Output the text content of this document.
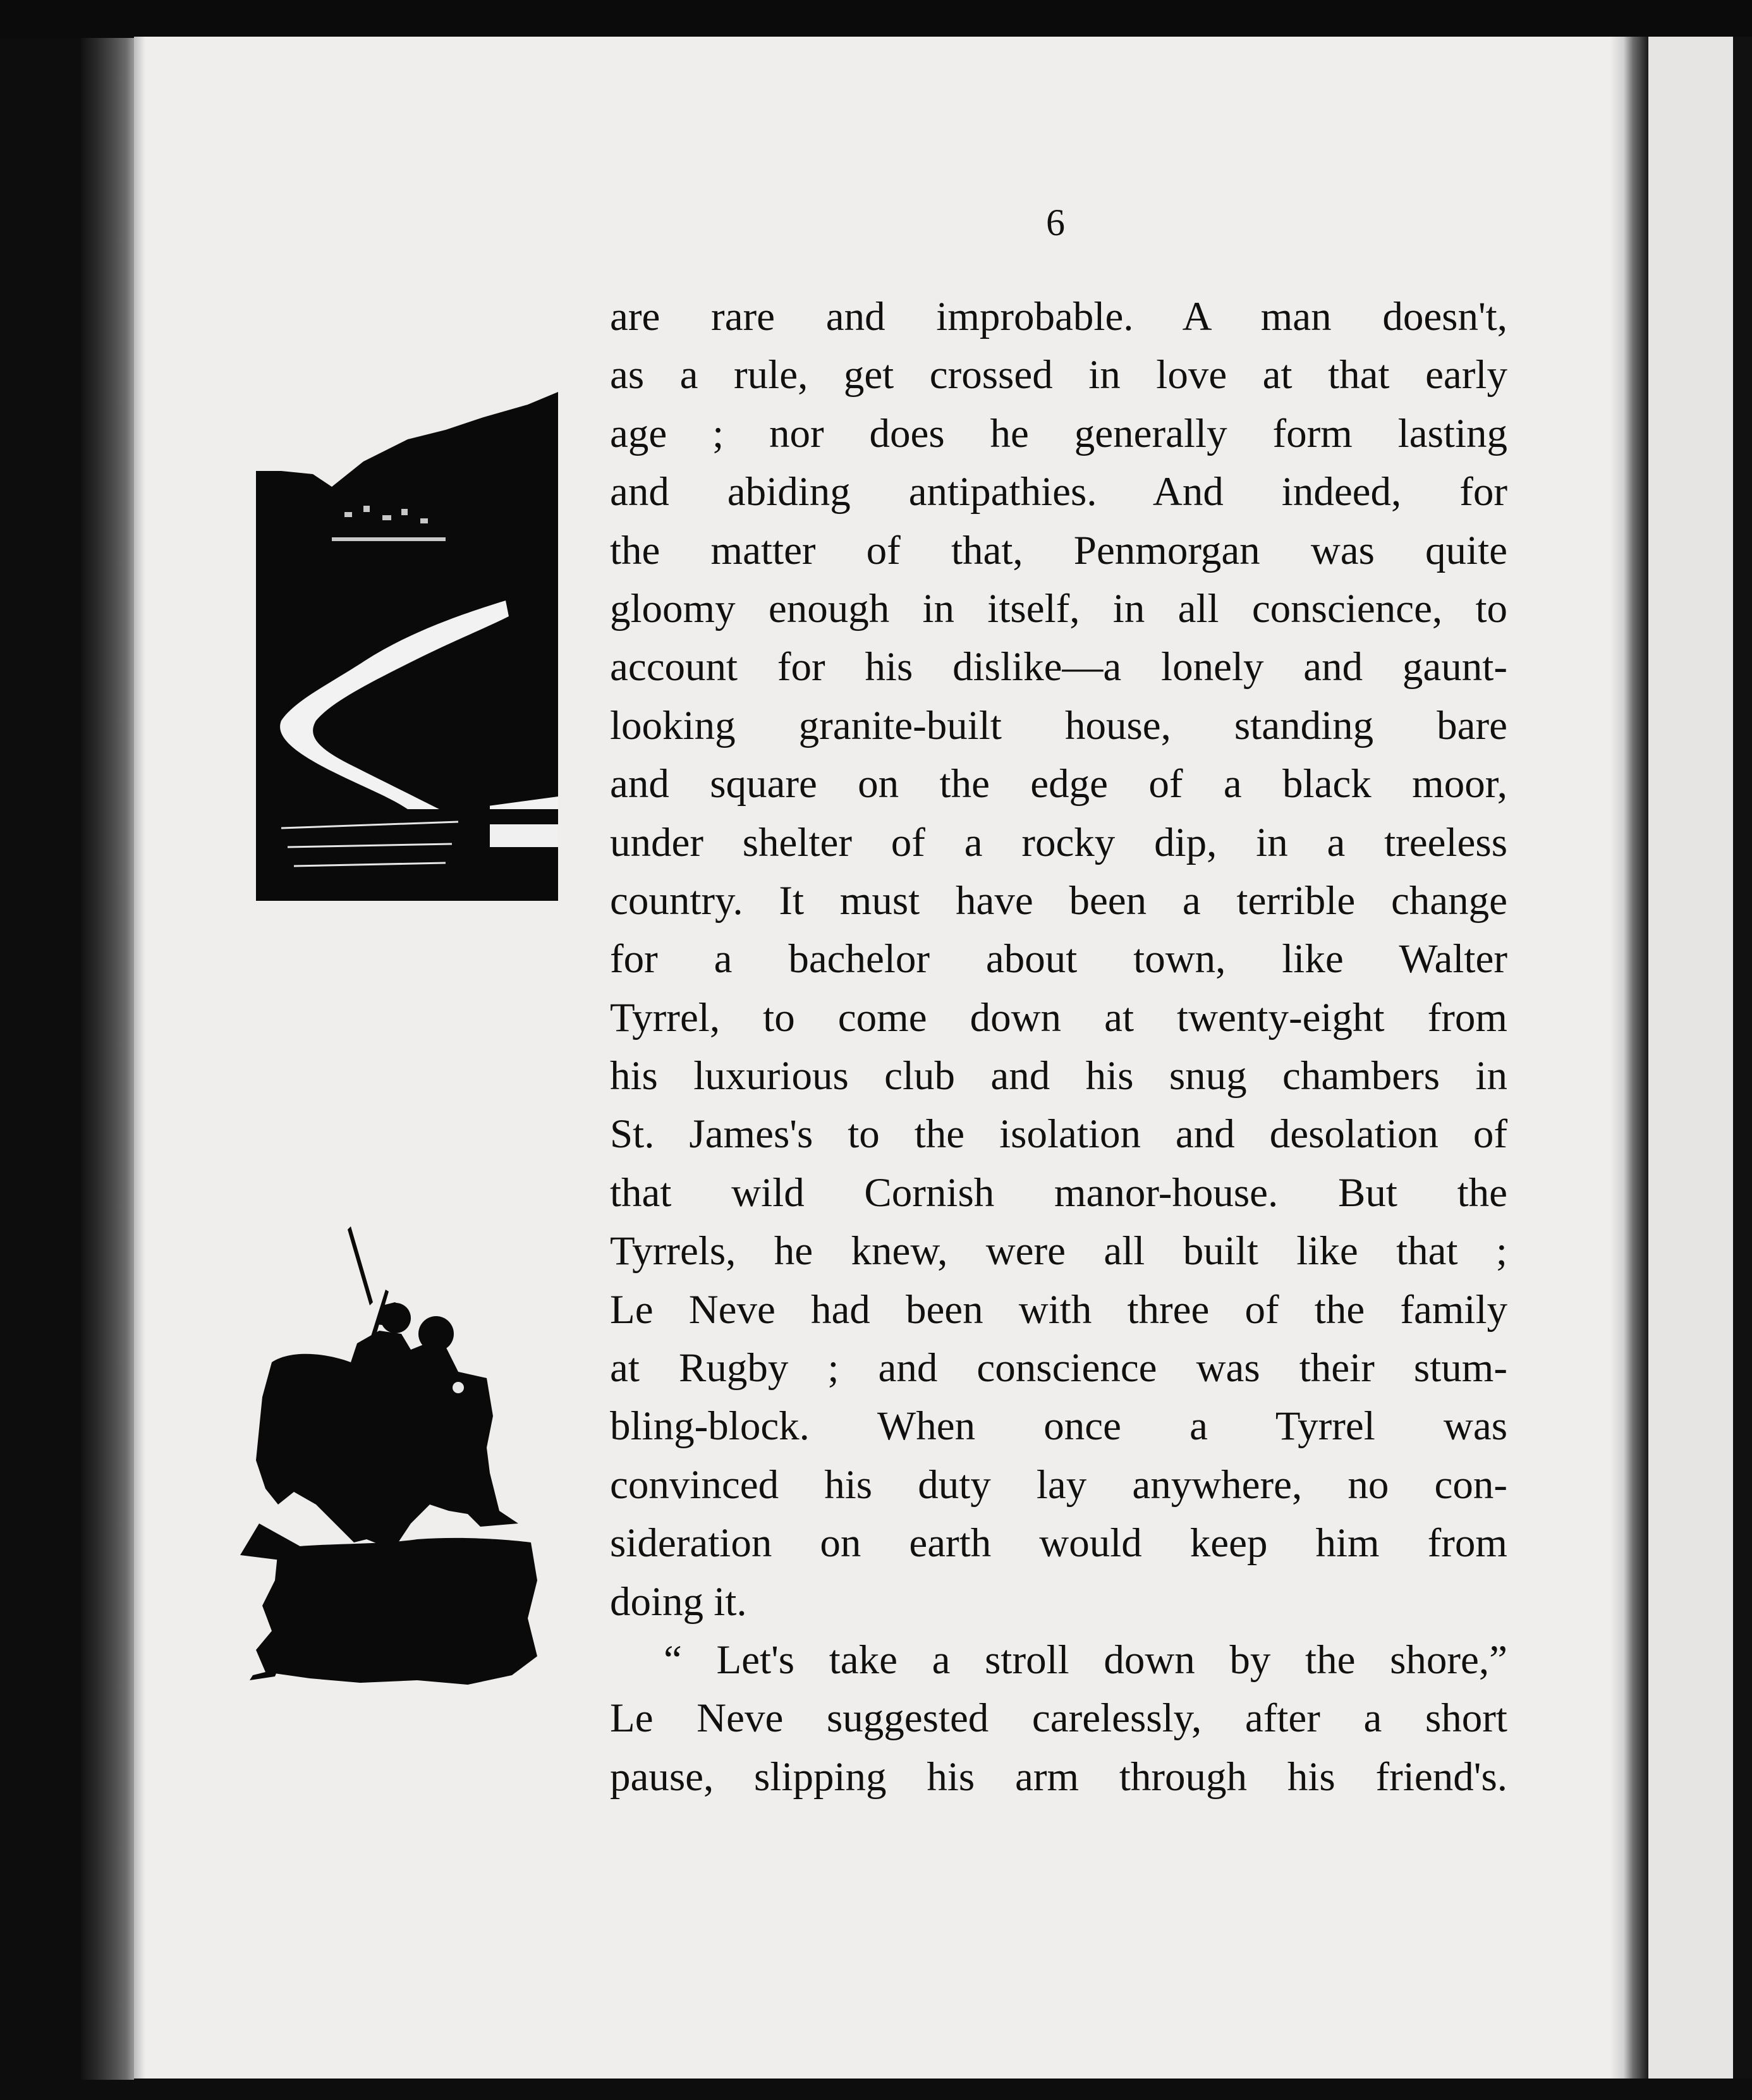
6
are rare and improbable. A man doesn't,
as a rule, get crossed in love at that early
age ; nor does he generally form lasting
and abiding antipathies. And indeed, for
the matter of that, Penmorgan was quite
gloomy enough in itself, in all conscience, to
account for his dislike—a lonely and gaunt-
looking granite-built house, standing bare
and square on the edge of a black moor,
under shelter of a rocky dip, in a treeless
country. It must have been a terrible change
for a bachelor about town, like Walter
Tyrrel, to come down at twenty-eight from
his luxurious club and his snug chambers in
St. James's to the isolation and desolation of
that wild Cornish manor-house. But the
Tyrrels, he knew, were all built like that ;
Le Neve had been with three of the family
at Rugby ; and conscience was their stum-
bling-block. When once a Tyrrel was
convinced his duty lay anywhere, no con-
sideration on earth would keep him from
doing it.
“ Let's take a stroll down by the shore,”
Le Neve suggested carelessly, after a short
pause, slipping his arm through his friend's.
